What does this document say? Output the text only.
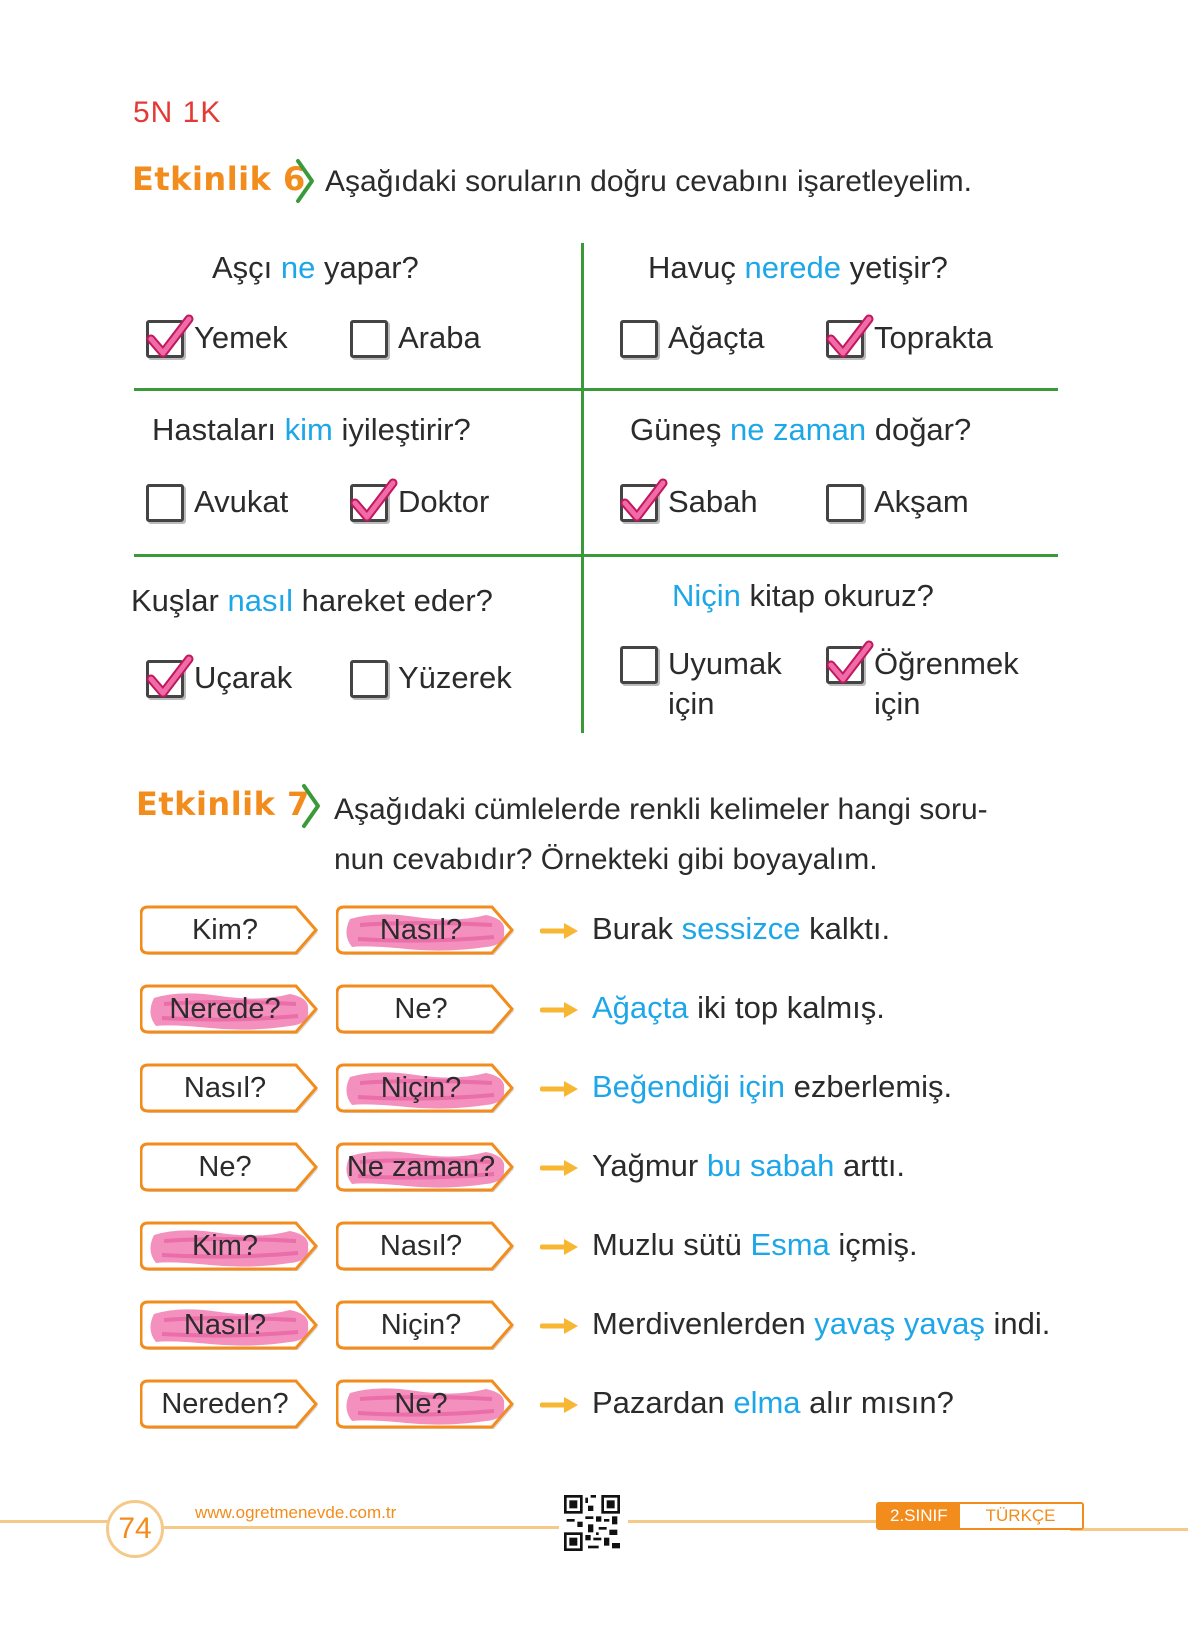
5N 1K
Etkinlik 6 Aşağıdaki soruların doğru cevabını işaretleyelim.
Aşçı ne yapar?
Yemek	Araba
Havuç nerede yetişir?
Ağaçta	Toprakta
Hastaları kim iyileştirir?
Avukat	Doktor
Güneş ne zaman doğar?
Sabah	Akşam
Kuşlar nasıl hareket eder?
Uçarak	Yüzerek
Niçin kitap okuruz?
Uyumak
için
Öğrenmek
için
Etkinlik 7 Aşağıdaki cümlelerde renkli kelimeler hangi soru-
nun cevabıdır? Örnekteki gibi boyayalım.
Kim?	Nasıl?	Burak sessizce kalktı.
Nerede?	Ne?	Ağaçta iki top kalmış.
Nasıl?	Niçin?	Beğendiği için ezberlemiş.
Ne?	Ne zaman?	Yağmur bu sabah arttı.
Kim?	Nasıl?	Muzlu sütü Esma içmiş.
Nasıl?	Niçin?	Merdivenlerden yavaş yavaş indi.
Nereden?	Ne?	Pazardan elma alır mısın?
74	www.ogretmenevde.com.tr	2.SINIF	TÜRKÇE
